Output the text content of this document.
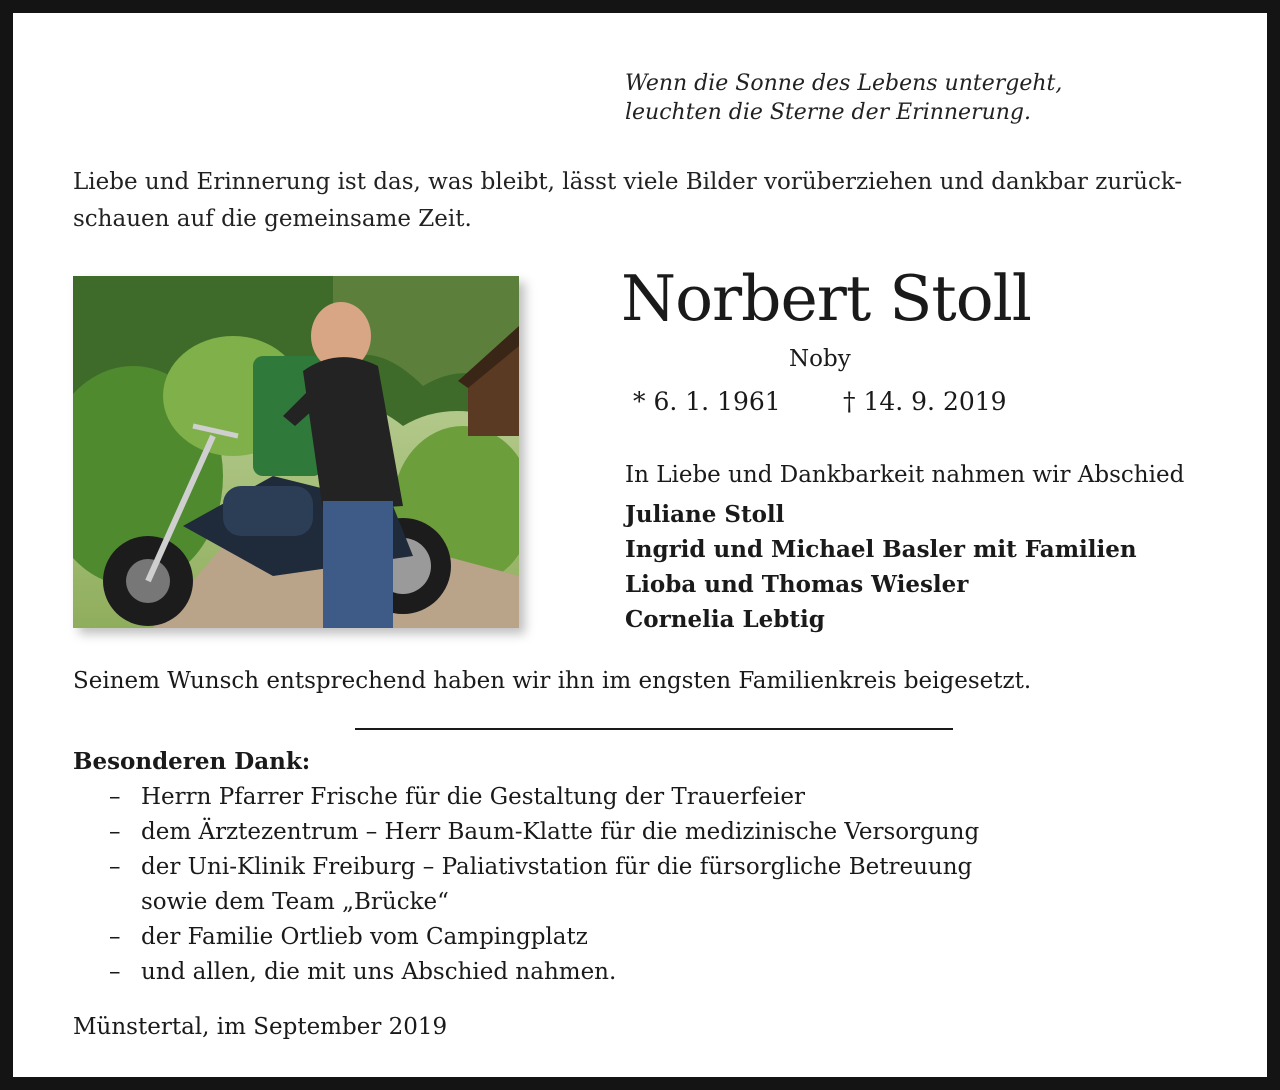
Wenn die Sonne des Lebens untergeht,
leuchten die Sterne der Erinnerung.
Liebe und Erinnerung ist das, was bleibt, lässt viele Bilder vorüberziehen und dankbar zurück-
schauen auf die gemeinsame Zeit.
Norbert Stoll
Noby
* 6. 1. 1961 † 14. 9. 2019
In Liebe und Dankbarkeit nahmen wir Abschied
Juliane Stoll
Ingrid und Michael Basler mit Familien
Lioba und Thomas Wiesler
Cornelia Lebtig
Seinem Wunsch entsprechend haben wir ihn im engsten Familienkreis beigesetzt.
Besonderen Dank:
– Herrn Pfarrer Frische für die Gestaltung der Trauerfeier
– dem Ärztezentrum – Herr Baum-Klatte für die medizinische Versorgung
– der Uni-Klinik Freiburg – Paliativstation für die fürsorgliche Betreuung
sowie dem Team „Brücke“
– der Familie Ortlieb vom Campingplatz
– und allen, die mit uns Abschied nahmen.
Münstertal, im September 2019
